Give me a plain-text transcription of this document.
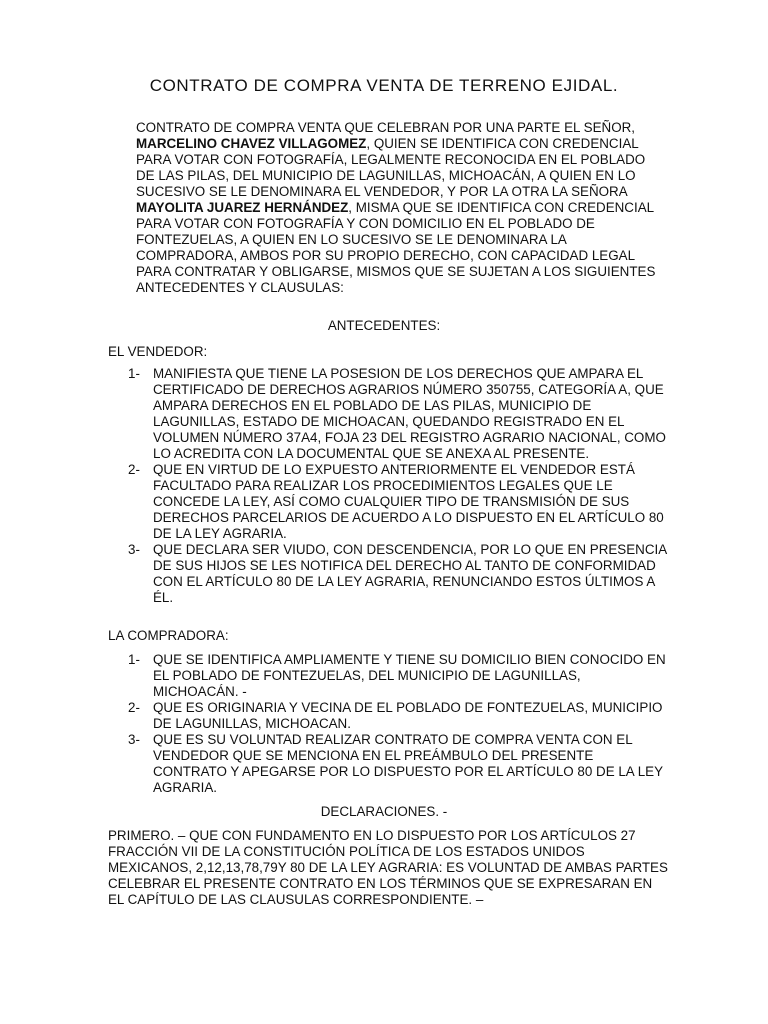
CONTRATO DE COMPRA VENTA DE TERRENO EJIDAL.

CONTRATO DE COMPRA VENTA QUE CELEBRAN POR UNA PARTE EL SEÑOR, MARCELINO CHAVEZ VILLAGOMEZ, QUIEN SE IDENTIFICA CON CREDENCIAL PARA VOTAR CON FOTOGRAFÍA, LEGALMENTE RECONOCIDA EN EL POBLADO DE LAS PILAS, DEL MUNICIPIO DE LAGUNILLAS, MICHOACÁN, A QUIEN EN LO SUCESIVO SE LE DENOMINARA EL VENDEDOR, Y POR LA OTRA LA SEÑORA MAYOLITA JUAREZ HERNÁNDEZ, MISMA QUE SE IDENTIFICA CON CREDENCIAL PARA VOTAR CON FOTOGRAFÍA Y CON DOMICILIO EN EL POBLADO DE FONTEZUELAS, A QUIEN EN LO SUCESIVO SE LE DENOMINARA LA COMPRADORA, AMBOS POR SU PROPIO DERECHO, CON CAPACIDAD LEGAL PARA CONTRATAR Y OBLIGARSE, MISMOS QUE SE SUJETAN A LOS SIGUIENTES ANTECEDENTES Y CLAUSULAS:

ANTECEDENTES:

EL VENDEDOR:

1- MANIFIESTA QUE TIENE LA POSESION DE LOS DERECHOS QUE AMPARA EL CERTIFICADO DE DERECHOS AGRARIOS NÚMERO 350755, CATEGORÍA A, QUE AMPARA DERECHOS EN EL POBLADO DE LAS PILAS, MUNICIPIO DE LAGUNILLAS, ESTADO DE MICHOACAN, QUEDANDO REGISTRADO EN EL VOLUMEN NÚMERO 37A4, FOJA 23 DEL REGISTRO AGRARIO NACIONAL, COMO LO ACREDITA CON LA DOCUMENTAL QUE SE ANEXA AL PRESENTE.
2- QUE EN VIRTUD DE LO EXPUESTO ANTERIORMENTE EL VENDEDOR ESTÁ FACULTADO PARA REALIZAR LOS PROCEDIMIENTOS LEGALES QUE LE CONCEDE LA LEY, ASÍ COMO CUALQUIER TIPO DE TRANSMISIÓN DE SUS DERECHOS PARCELARIOS DE ACUERDO A LO DISPUESTO EN EL ARTÍCULO 80 DE LA LEY AGRARIA.
3- QUE DECLARA SER VIUDO, CON DESCENDENCIA, POR LO QUE EN PRESENCIA DE SUS HIJOS SE LES NOTIFICA DEL DERECHO AL TANTO DE CONFORMIDAD CON EL ARTÍCULO 80 DE LA LEY AGRARIA, RENUNCIANDO ESTOS ÚLTIMOS A ÉL.

LA COMPRADORA:

1- QUE SE IDENTIFICA AMPLIAMENTE Y TIENE SU DOMICILIO BIEN CONOCIDO EN EL POBLADO DE FONTEZUELAS, DEL MUNICIPIO DE LAGUNILLAS, MICHOACÁN. -
2- QUE ES ORIGINARIA Y VECINA DE EL POBLADO DE FONTEZUELAS, MUNICIPIO DE LAGUNILLAS, MICHOACAN.
3- QUE ES SU VOLUNTAD REALIZAR CONTRATO DE COMPRA VENTA CON EL VENDEDOR QUE SE MENCIONA EN EL PREÁMBULO DEL PRESENTE CONTRATO Y APEGARSE POR LO DISPUESTO POR EL ARTÍCULO 80 DE LA LEY AGRARIA.

DECLARACIONES. -

PRIMERO. – QUE CON FUNDAMENTO EN LO DISPUESTO POR LOS ARTÍCULOS 27 FRACCIÓN VII DE LA CONSTITUCIÓN POLÍTICA DE LOS ESTADOS UNIDOS MEXICANOS, 2,12,13,78,79Y 80 DE LA LEY AGRARIA: ES VOLUNTAD DE AMBAS PARTES CELEBRAR EL PRESENTE CONTRATO EN LOS TÉRMINOS QUE SE EXPRESARAN EN EL CAPÍTULO DE LAS CLAUSULAS CORRESPONDIENTE. –
